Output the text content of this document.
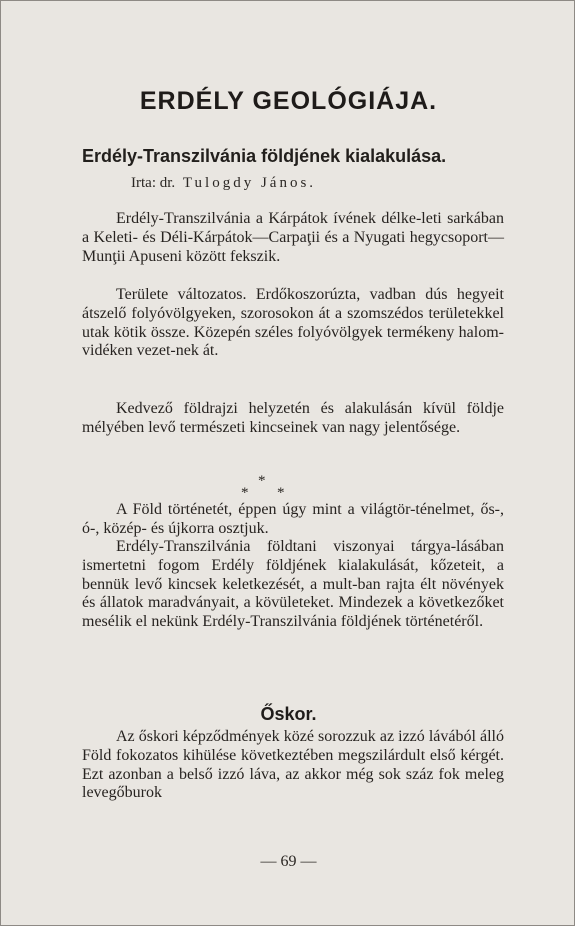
ERDÉLY GEOLÓGIÁJA.
Erdély-Transzilvánia földjének kialakulása.
Irta: dr. Tulogdy János.

Erdély-Transzilvánia a Kárpátok ívének délke-leti sarkában a Keleti- és Déli-Kárpátok—Carpaţii és a Nyugati hegycsoport—Munţii Apuseni között fekszik.

Területe változatos. Erdőkoszorúzta, vadban dús hegyeit átszelő folyóvölgyeken, szorosokon át a szomszédos területekkel utak kötik össze. Közepén széles folyóvölgyek termékeny halom-vidéken vezet-nek át.

Kedvező földrajzi helyzetén és alakulásán kívül földje mélyében levő természeti kincseinek van nagy jelentősége.

*
* *

A Föld történetét, éppen úgy mint a világtör-ténelmet, ős-, ó-, közép- és újkorra osztjuk.

Erdély-Transzilvánia földtani viszonyai tárgya-lásában ismertetni fogom Erdély földjének kialakulását, kőzeteit, a bennük levő kincsek keletkezését, a mult-ban rajta élt növények és állatok maradványait, a kövületeket. Mindezek a következőket mesélik el nekünk Erdély-Transzilvánia földjének történetéről.

Őskor.

Az őskori képződmények közé sorozzuk az izzó lávából álló Föld fokozatos kihülése következtében megszilárdult első kérgét. Ezt azonban a belső izzó láva, az akkor még sok száz fok meleg levegőburok

— 69 —
